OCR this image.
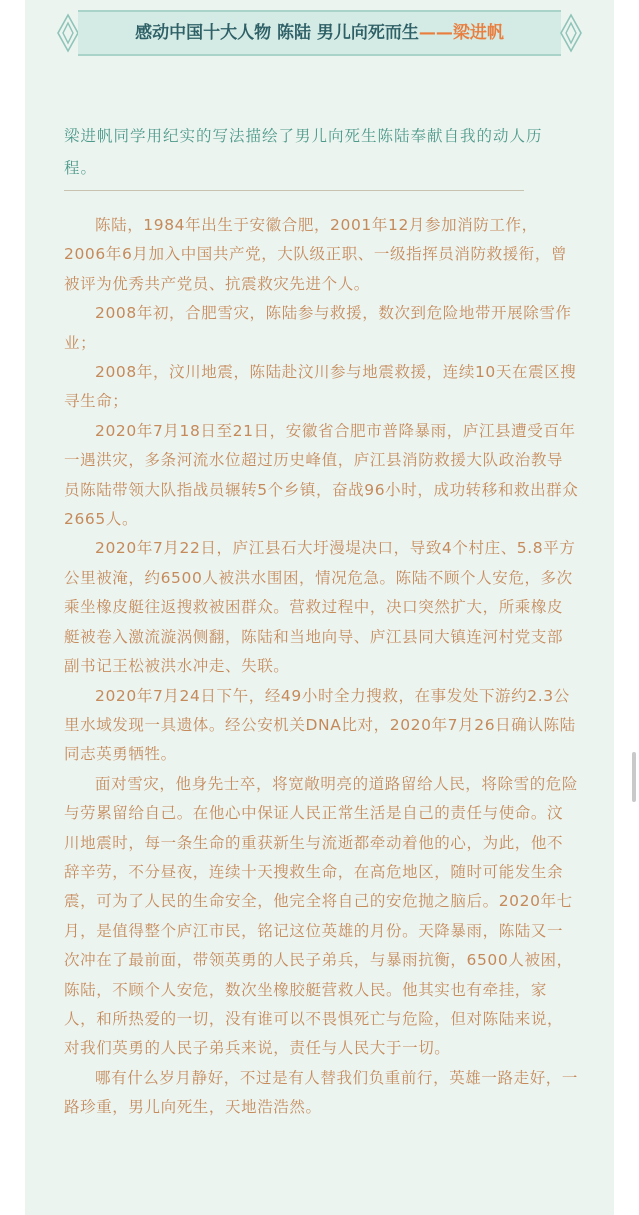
感动中国十大人物 陈陆 男儿向死而生——梁进帆
梁进帆同学用纪实的写法描绘了男儿向死生陈陆奉献自我的动人历程。

陈陆，1984年出生于安徽合肥，2001年12月参加消防工作，2006年6月加入中国共产党，大队级正职、一级指挥员消防救援衔，曾被评为优秀共产党员、抗震救灾先进个人。

2008年初，合肥雪灾，陈陆参与救援，数次到危险地带开展除雪作业；

2008年，汶川地震，陈陆赴汶川参与地震救援，连续10天在震区搜寻生命；

2020年7月18日至21日，安徽省合肥市普降暴雨，庐江县遭受百年一遇洪灾，多条河流水位超过历史峰值，庐江县消防救援大队政治教导员陈陆带领大队指战员辗转5个乡镇，奋战96小时，成功转移和救出群众2665人。

2020年7月22日，庐江县石大圩漫堤决口，导致4个村庄、5.8平方公里被淹，约6500人被洪水围困，情况危急。陈陆不顾个人安危，多次乘坐橡皮艇往返搜救被困群众。营救过程中，决口突然扩大，所乘橡皮艇被卷入激流漩涡侧翻，陈陆和当地向导、庐江县同大镇连河村党支部副书记王松被洪水冲走、失联。

2020年7月24日下午，经49小时全力搜救，在事发处下游约2.3公里水域发现一具遗体。经公安机关DNA比对，2020年7月26日确认陈陆同志英勇牺牲。

面对雪灾，他身先士卒，将宽敞明亮的道路留给人民，将除雪的危险与劳累留给自己。在他心中保证人民正常生活是自己的责任与使命。汶川地震时，每一条生命的重获新生与流逝都牵动着他的心，为此，他不辞辛劳，不分昼夜，连续十天搜救生命，在高危地区，随时可能发生余震，可为了人民的生命安全，他完全将自己的安危抛之脑后。2020年七月，是值得整个庐江市民，铭记这位英雄的月份。天降暴雨，陈陆又一次冲在了最前面，带领英勇的人民子弟兵，与暴雨抗衡，6500人被困，陈陆，不顾个人安危，数次坐橡胶艇营救人民。他其实也有牵挂，家人，和所热爱的一切，没有谁可以不畏惧死亡与危险，但对陈陆来说，对我们英勇的人民子弟兵来说，责任与人民大于一切。

哪有什么岁月静好，不过是有人替我们负重前行，英雄一路走好，一路珍重，男儿向死生，天地浩浩然。
